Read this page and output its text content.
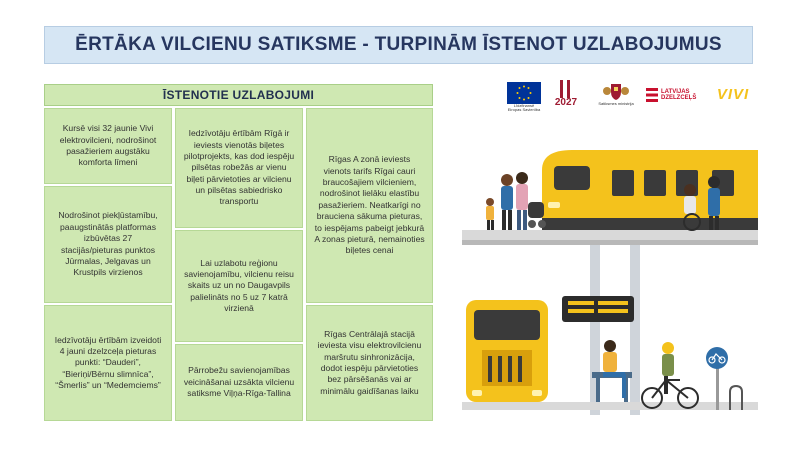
ĒRTĀKA VILCIENU SATIKSME - TURPINĀM ĪSTENOT UZLABOJUMUS
ĪSTENOTIE UZLABOJUMI
Kursē visi 32 jaunie Vivi elektrovilcieni, nodrošinot pasažieriem augstāku komforta līmeni
Nodrošinot piekļūstamību, paaugstinātās platformas izbūvētas 27 stacijās/pieturas punktos Jūrmalas, Jelgavas un Krustpils virzienos
Iedzīvotāju ērtībām izveidoti 4 jauni dzelzceļa pieturas punkti: “Dauderi”, “Bieriņi/Bērnu slimnīca”, “Šmerlis” un “Medemciems”
Iedzīvotāju ērtībām Rīgā ir ieviests vienotās biļetes pilotprojekts, kas dod iespēju pilsētas robežās ar vienu biļeti pārvietoties ar vilcienu un pilsētas sabiedrisko transportu
Lai uzlabotu reģionu savienojamību, vilcienu reisu skaits uz un no Daugavpils palielināts no 5 uz 7 katrā virzienā
Pārrobežu savienojamības veicināšanai uzsākta vilcienu satiksme Viļņa-Rīga-Tallina
Rīgas A zonā ieviests vienots tarifs Rīgai cauri braucošajiem vilcieniem, nodrošinot lielāku elastību pasažieriem. Neatkarīgi no brauciena sākuma pieturas, to iespējams pabeigt jebkurā A zonas pieturā, nemainoties biļetes cenai
Rīgas Centrālajā stacijā ieviesta visu elektrovilcienu maršrutu sinhronizācija, dodot iespēju pārvietoties bez pārsēšanās vai ar minimālu gaidīšanas laiku
Līdzfinansē
Eiropas Savienība
2027	Satiksmes ministrija
LATVIJAS
DZELZCEĻŠ VIVI
